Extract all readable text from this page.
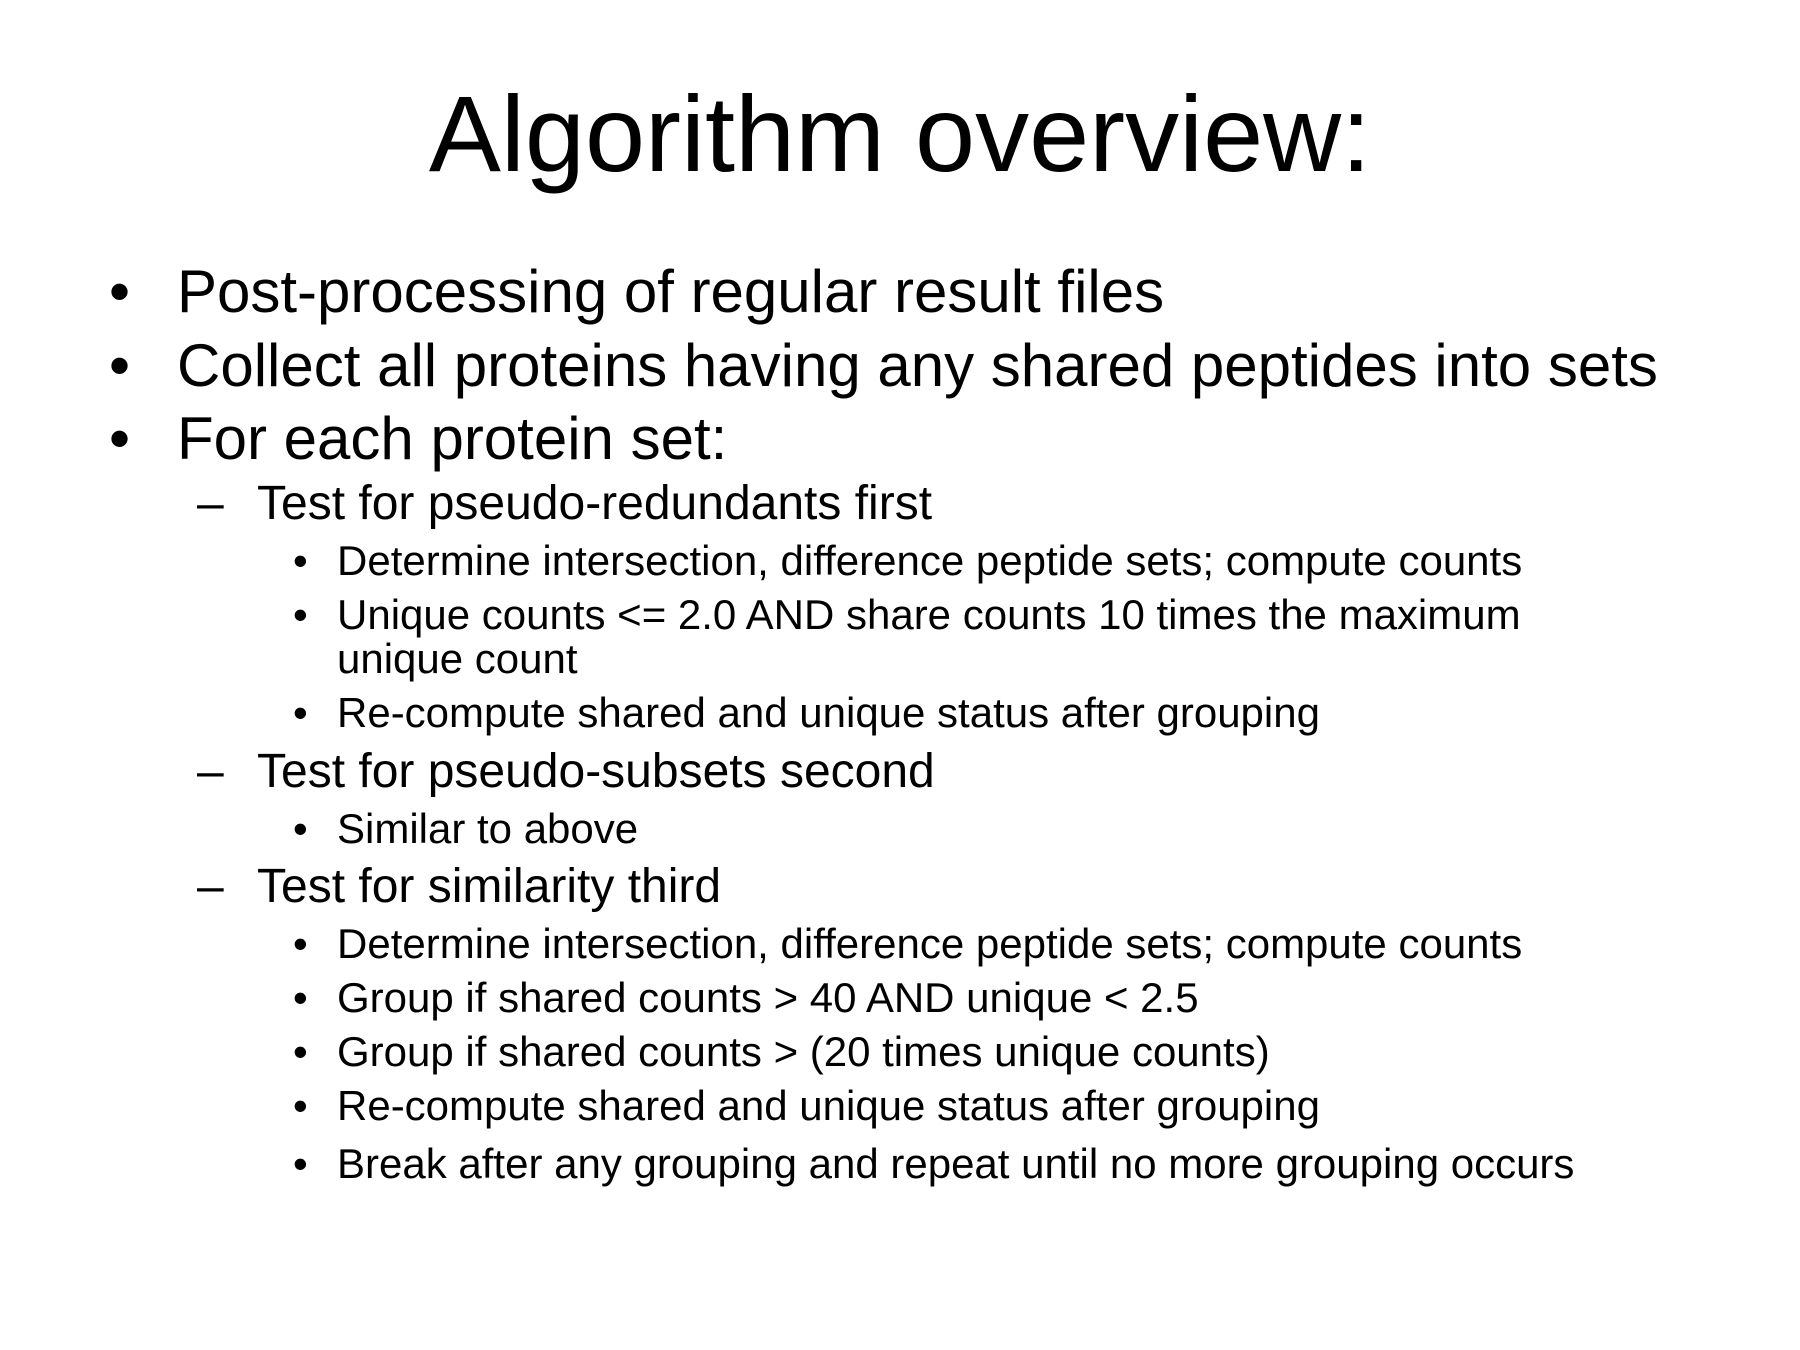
Algorithm overview:
• Post-processing of regular result files
• Collect all proteins having any shared peptides into sets
• For each protein set:
– Test for pseudo-redundants first
• Determine intersection, difference peptide sets; compute counts
• Unique counts <= 2.0 AND share counts 10 times the maximum
unique count
• Re-compute shared and unique status after grouping
– Test for pseudo-subsets second
• Similar to above
– Test for similarity third
• Determine intersection, difference peptide sets; compute counts
• Group if shared counts > 40 AND unique < 2.5
• Group if shared counts > (20 times unique counts)
• Re-compute shared and unique status after grouping
• Break after any grouping and repeat until no more grouping occurs
